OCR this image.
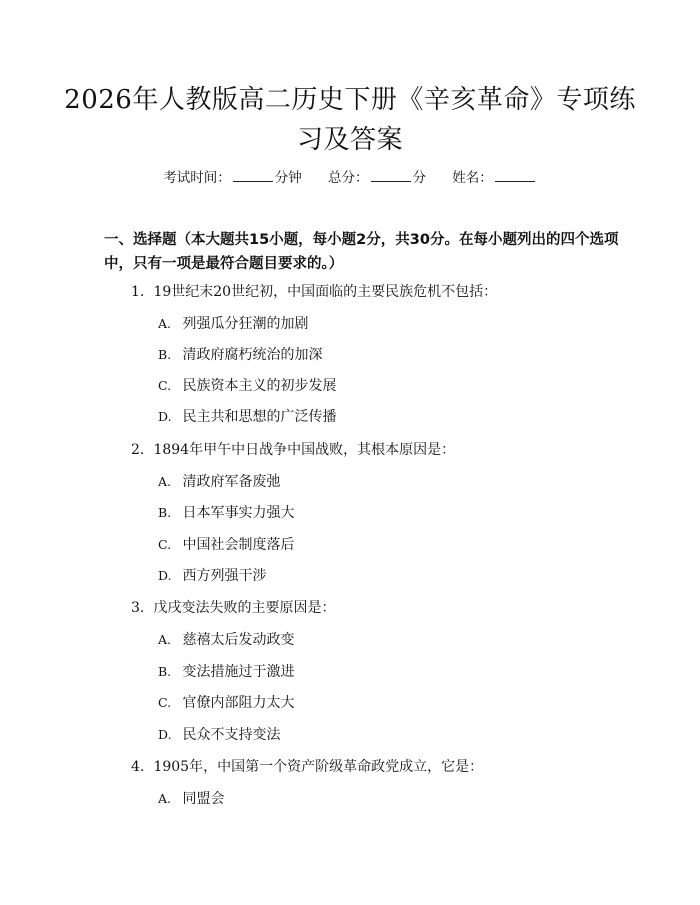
2026年人教版高二历史下册《辛亥革命》专项练习及答案
考试时间：	分钟 总分：	分 姓名：
一、选择题（本大题共15小题，每小题2分，共30分。在每小题列出的四个选项中，只有一项是最符合题目要求的。）
1. 19世纪末20世纪初，中国面临的主要民族危机不包括：
A. 列强瓜分狂潮的加剧
B. 清政府腐朽统治的加深
C. 民族资本主义的初步发展
D. 民主共和思想的广泛传播
2. 1894年甲午中日战争中国战败，其根本原因是：
A. 清政府军备废弛
B. 日本军事实力强大
C. 中国社会制度落后
D. 西方列强干涉
3. 戊戌变法失败的主要原因是：
A. 慈禧太后发动政变
B. 变法措施过于激进
C. 官僚内部阻力太大
D. 民众不支持变法
4. 1905年，中国第一个资产阶级革命政党成立，它是：
A. 同盟会
